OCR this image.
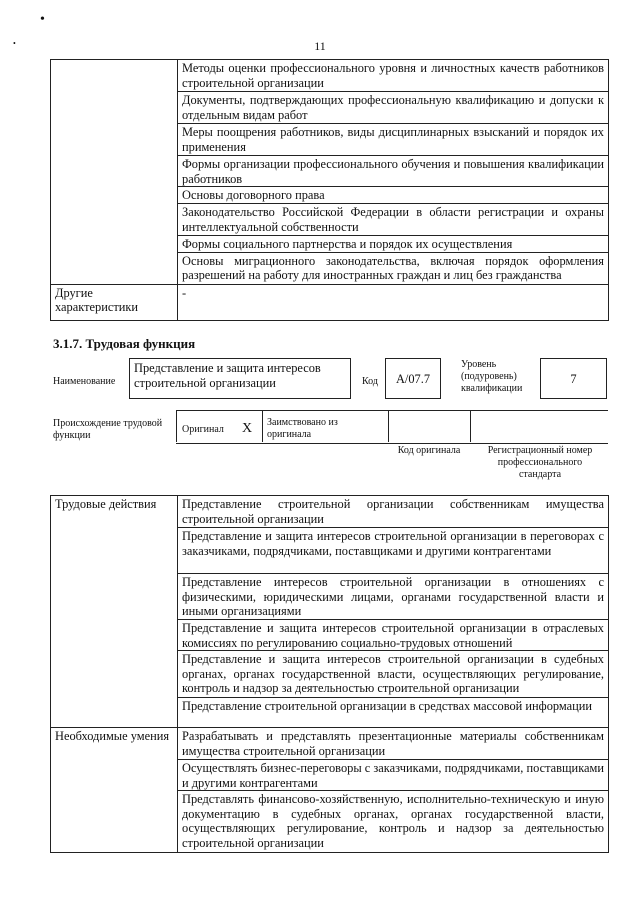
•
•	11
	Методы оценки профессионального уровня и личностных качеств работников строительной организации
	Документы, подтверждающих профессиональную квалификацию и допуски к отдельным видам работ
	Меры поощрения работников, виды дисциплинарных взысканий и порядок их применения
	Формы организации профессионального обучения и повышения квалификации работников
	Основы договорного права
	Законодательство Российской Федерации в области регистрации и охраны интеллектуальной собственности
	Формы социального партнерства и порядок их осуществления
	Основы миграционного законодательства, включая порядок оформления разрешений на работу для иностранных граждан и лиц без гражданства
Другие характеристики	-
3.1.7. Трудовая функция
Наименование
Представление и защита интересов строительной организации	Код	A/07.7
Уровень (подуровень) квалификации
7
Происхождение трудовой функции
Оригинал X Заимствовано из оригинала
Код оригинала	Регистрационный номер профессионального стандарта
Трудовые действия	Представление строительной организации собственникам имущества строительной организации
	Представление и защита интересов строительной организации в переговорах с заказчиками, подрядчиками, поставщиками и другими контрагентами
	Представление интересов строительной организации в отношениях с физическими, юридическими лицами, органами государственной власти и иными организациями
	Представление и защита интересов строительной организации в отраслевых комиссиях по регулированию социально-трудовых отношений
	Представление и защита интересов строительной организации в судебных органах, органах государственной власти, осуществляющих регулирование, контроль и надзор за деятельностью строительной организации
	Представление строительной организации в средствах массовой информации
Необходимые умения	Разрабатывать и представлять презентационные материалы собственникам имущества строительной организации
	Осуществлять бизнес-переговоры с заказчиками, подрядчиками, поставщиками и другими контрагентами
	Представлять финансово-хозяйственную, исполнительно-техническую и иную документацию в судебных органах, органах государственной власти, осуществляющих регулирование, контроль и надзор за деятельностью строительной организации
